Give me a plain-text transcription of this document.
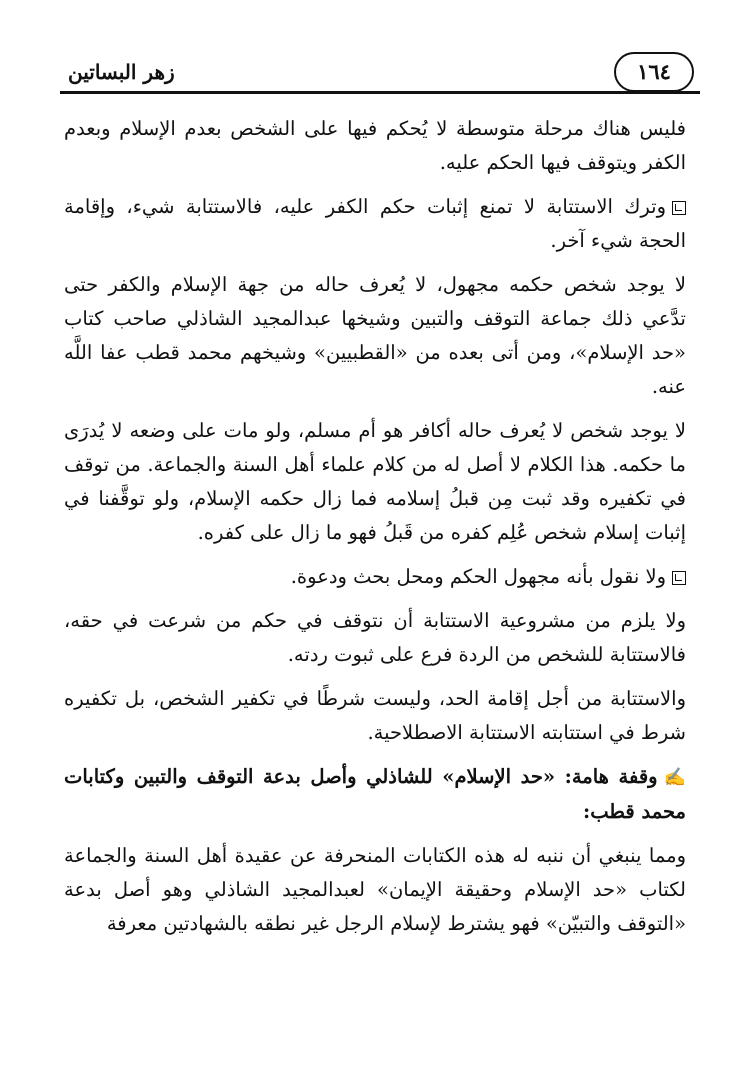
زهر البساتين	١٦٤

فليس هناك مرحلة متوسطة لا يُحكم فيها على الشخص بعدم الإسلام وبعدم الكفر ويتوقف فيها الحكم عليه.

وترك الاستتابة لا تمنع إثبات حكم الكفر عليه، فالاستتابة شيء، وإقامة الحجة شيء آخر.

لا يوجد شخص حكمه مجهول، لا يُعرف حاله من جهة الإسلام والكفر حتى تدَّعي ذلك جماعة التوقف والتبين وشيخها عبدالمجيد الشاذلي صاحب كتاب «حد الإسلام»، ومن أتى بعده من «القطبيين» وشيخهم محمد قطب عفا اللَّه عنه.

لا يوجد شخص لا يُعرف حاله أكافر هو أم مسلم، ولو مات على وضعه لا يُدرَى ما حكمه. هذا الكلام لا أصل له من كلام علماء أهل السنة والجماعة. من توقف في تكفيره وقد ثبت مِن قبلُ إسلامه فما زال حكمه الإسلام، ولو توقَّفنا في إثبات إسلام شخص عُلِم كفره من قَبلُ فهو ما زال على كفره.

ولا نقول بأنه مجهول الحكم ومحل بحث ودعوة.

ولا يلزم من مشروعية الاستتابة أن نتوقف في حكم من شرعت في حقه، فالاستتابة للشخص من الردة فرع على ثبوت ردته.

والاستتابة من أجل إقامة الحد، وليست شرطًا في تكفير الشخص، بل تكفيره شرط في استتابته الاستتابة الاصطلاحية.

✍وقفة هامة: «حد الإسلام» للشاذلي وأصل بدعة التوقف والتبين وكتابات محمد قطب:

ومما ينبغي أن ننبه له هذه الكتابات المنحرفة عن عقيدة أهل السنة والجماعة لكتاب «حد الإسلام وحقيقة الإيمان» لعبدالمجيد الشاذلي وهو أصل بدعة «التوقف والتبيّن» فهو يشترط لإسلام الرجل غير نطقه بالشهادتين معرفة
